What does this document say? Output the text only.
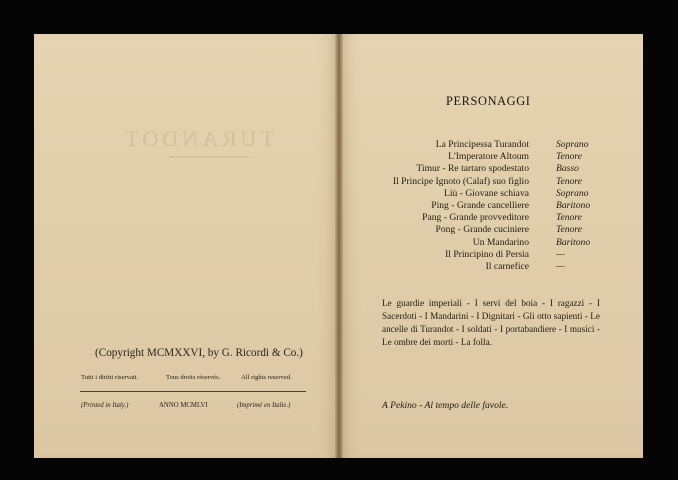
TURANDOT
(Copyright MCMXXVI, by G. Ricordi & Co.)
Tutti i diritti riservati.	Tous droits réservés.	All rights reserved.
(Printed in Italy.)	ANNO MCMLVI	(Imprimé en Italie.)
PERSONAGGI
La Principessa Turandot	Soprano
L'Imperatore Altoum	Tenore
Timur - Re tartaro spodestato	Basso
Il Principe Ignoto (Calaf) suo figlio	Tenore
Liù - Giovane schiava	Soprano
Ping - Grande cancelliere	Baritono
Pang - Grande provveditore	Tenore
Pong - Grande cuciniere	Tenore
Un Mandarino	Baritono
Il Principino di Persia	—
Il carnefice	—
Le guardie imperiali - I servi del boia - I ragazzi - I Sacerdoti - I Mandarini - I Dignitari - Gli otto sapienti - Le ancelle di Turandot - I soldati - I portabandiere - I musici - Le ombre dei morti - La folla.
A Pekino - Al tempo delle favole.
